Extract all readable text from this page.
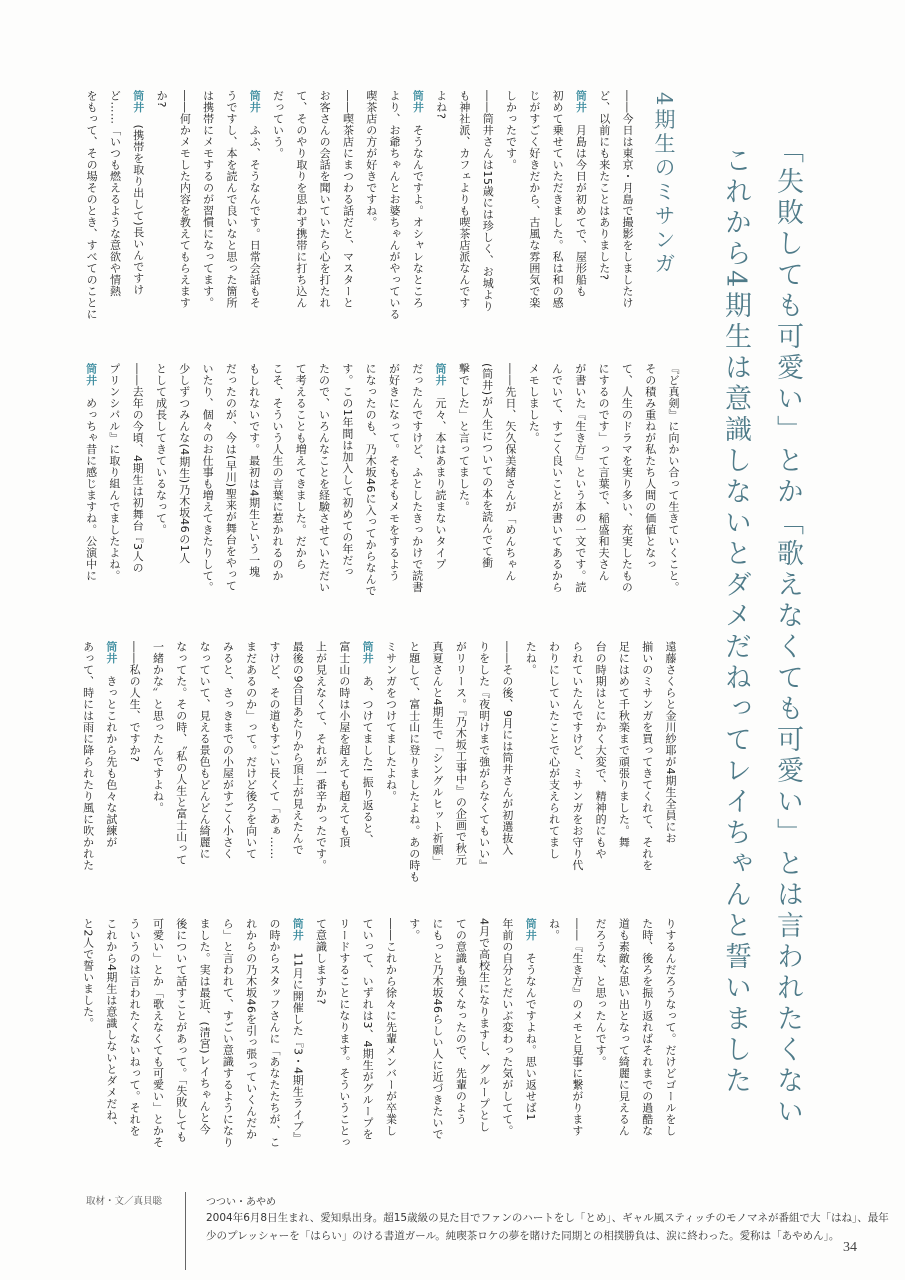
「失敗しても可愛い」とか「歌えなくても可愛い」とは言われたくない
これから4期生は意識しないとダメだねってレイちゃんと誓いました
4期生のミサンガ
――今日は東京・月島で撮影をしましたけ
ど、以前にも来たことはありました?
筒井　月島は今日が初めてで、屋形船も
初めて乗せていただきました。私は和の感
じがすごく好きだから、古風な雰囲気で楽
しかったです。
――筒井さんは15歳には珍しく、お城より
も神社派、カフェよりも喫茶店派なんです
よね?
筒井　そうなんですよ。オシャレなところ
より、お爺ちゃんとお婆ちゃんがやっている
喫茶店の方が好きですね。
――喫茶店にまつわる話だと、マスターと
お客さんの会話を聞いていたら心を打たれ
て、そのやり取りを思わず携帯に打ち込ん
だっていう。
筒井　ふふ、そうなんです。日常会話もそ
うですし、本を読んで良いなと思った箇所
は携帯にメモするのが習慣になってます。
――何かメモした内容を教えてもらえます
か?
筒井　(携帯を取り出して)長いんですけ
ど……「いつも燃えるような意欲や情熱
をもって、その場そのとき、すべてのことに
『ど真剣』に向かい合って生きていくこと。
その積み重ねが私たち人間の価値となっ
て、人生のドラマを実り多い、充実したもの
にするのです」って言葉で、稲盛和夫さん
が書いた『生き方』という本の一文です。読
んでいて、すごく良いことが書いてあるから
メモしました。
――先日、矢久保美緒さんが「めんちゃん
(筒井)が人生についての本を読んでて衝
撃でした」と言ってました。
筒井　元々、本はあまり読まないタイプ
だったんですけど、ふとしたきっかけで読書
が好きになって。そもそもメモをするよう
になったのも、乃木坂46に入ってからなんで
す。この1年間は加入して初めての年だっ
たので、いろんなことを経験させていただい
て考えることも増えてきました。だから
こそ、そういう人生の言葉に惹かれるのか
もしれないです。最初は4期生という一塊
だったのが、今は(早川)聖来が舞台をやって
いたり、個々のお仕事も増えてきたりして。
少しずつみんな(4期生)乃木坂46の1人
として成長してきているなって。
――去年の今頃、4期生は初舞台『3人の
プリンシパル』に取り組んでましたよね。
筒井　めっちゃ昔に感じますね。公演中に
遠藤さくらと金川紗耶が4期生全員にお
揃いのミサンガを買ってきてくれて、それを
足にはめて千秋楽まで頑張りました。舞
台の時期はとにかく大変で、精神的にもや
られていたんですけど、ミサンガをお守り代
わりにしていたことで心が支えられてまし
たね。
――その後、9月には筒井さんが初選抜入
りをした『夜明けまで強がらなくてもいい』
がリリース。『乃木坂工事中』の企画で秋元
真夏さんと4期生で「シングルヒット祈願」
と題して、富士山に登りましたよね。あの時も
ミサンガをつけてましたよね。
筒井　あ、つけてました! 振り返ると、
富士山の時は小屋を超えても超えても頂
上が見えなくて、それが一番辛かったです。
最後の9合目あたりから頂上が見えたんで
すけど、その道もすごい長くて「あぁ……
まだあるのか」って。だけど後ろを向いて
みると、さっきまでの小屋がすごく小さく
なっていて、見える景色もどんどん綺麗に
なってた。その時、〝私の人生と富士山って
一緒かな〟と思ったんですよね。
――私の人生、ですか?
筒井　きっとこれから先も色々な試練が
あって、時には雨に降られたり風に吹かれた
りするんだろうなって。だけどゴールをし
た時、後ろを振り返ればそれまでの過酷な
道も素敵な思い出となって綺麗に見えるん
だろうな、と思ったんです。
――『生き方』のメモと見事に繋がります
ね。
筒井　そうなんですよね。思い返せば1
年前の自分とだいぶ変わった気がしてて。
4月で高校生になりますし、グループとし
ての意識も強くなったので、先輩のよう
にもっと乃木坂46らしい人に近づきたいで
す。
――これから徐々に先輩メンバーが卒業し
ていって、いずれは3、4期生がグループを
リードすることになります。そういうことっ
て意識しますか?
筒井　11月に開催した『3・4期生ライブ』
の時からスタッフさんに「あなたたちが、こ
れからの乃木坂46を引っ張っていくんだか
ら」と言われて、すごい意識するようになり
ました。実は最近、(清宮)レイちゃんと今
後について話すことがあって。「失敗しても
可愛い」とか「歌えなくても可愛い」とかそ
ういうのは言われたくないねって。それを
これから4期生は意識しないとダメだね、
と2人で誓いました。
取材・文／真貝聡	つつい・あやめ
2004年6月8日生まれ、愛知県出身。超15歳級の見た目でファンのハートをし「とめ」、ギャル風スティッチのモノマネが番組で大「はね」、最年
少のプレッシャーを「はらい」のける書道ガール。純喫茶ロケの夢を賭けた同期との相撲勝負は、涙に終わった。愛称は「あやめん」。
34
